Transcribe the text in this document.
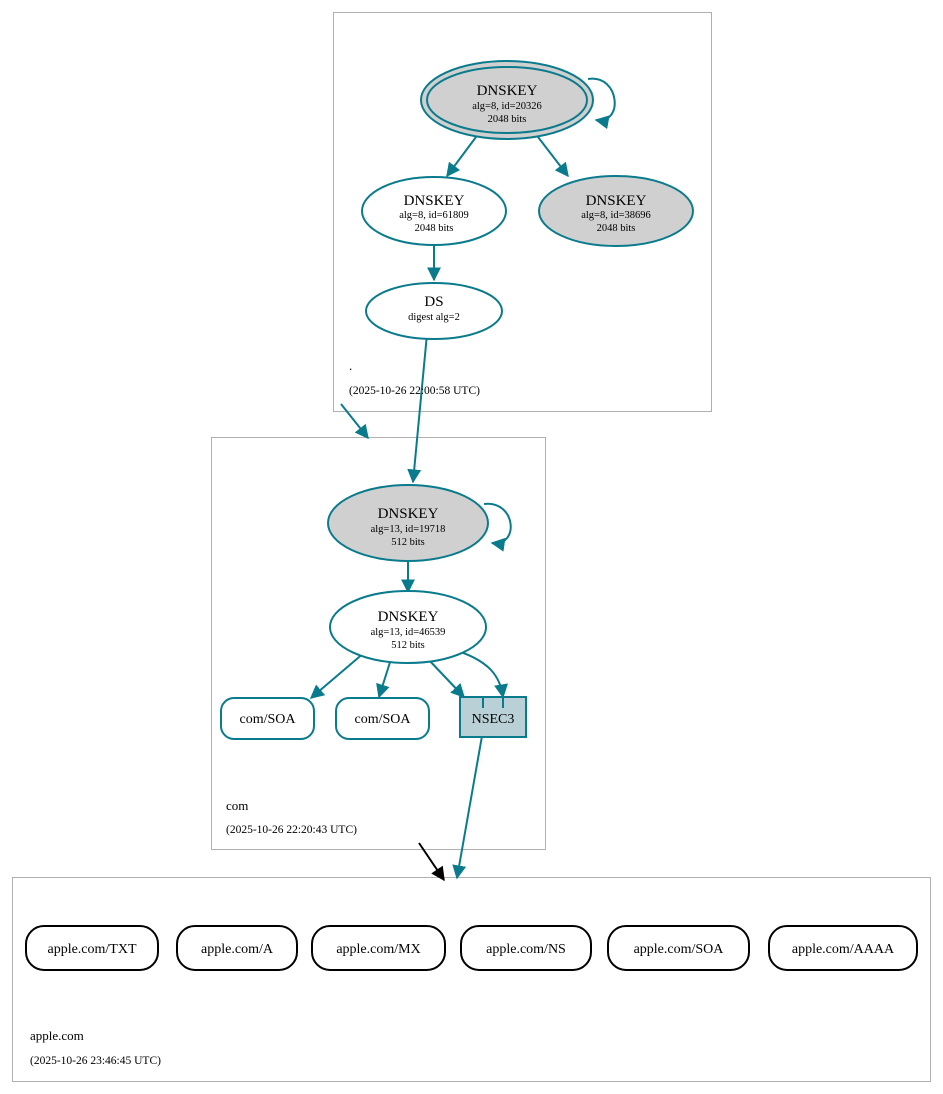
DNSKEY
alg=8, id=20326
2048 bits
DNSKEY
alg=8, id=61809
2048 bits
DNSKEY
alg=8, id=38696
2048 bits
DS
digest alg=2
.
(2025-10-26 22:00:58 UTC)
DNSKEY
alg=13, id=19718
512 bits
DNSKEY
alg=13, id=46539
512 bits
com/SOA	com/SOA	NSEC3
com
(2025-10-26 22:20:43 UTC)
apple.com/TXT	apple.com/A	apple.com/MX	apple.com/NS	apple.com/SOA	apple.com/AAAA
apple.com
(2025-10-26 23:46:45 UTC)
